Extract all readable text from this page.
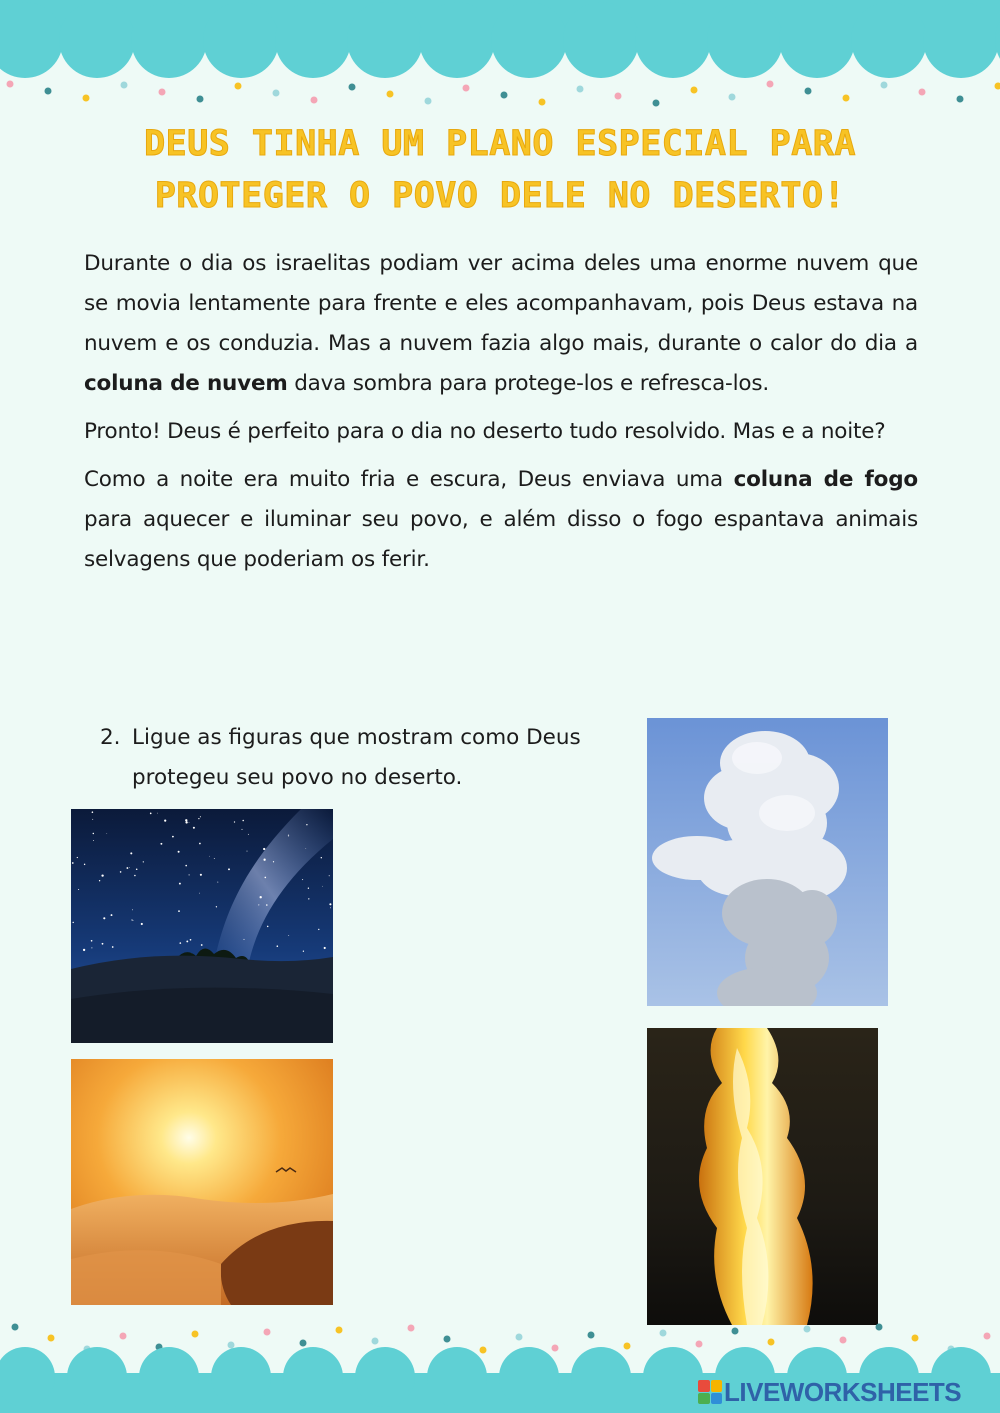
DEUS TINHA UM PLANO ESPECIAL PARA
PROTEGER O POVO DELE NO DESERTO!

Durante o dia os israelitas podiam ver acima deles uma enorme nuvem que se movia lentamente para frente e eles acompanhavam, pois Deus estava na nuvem e os conduzia. Mas a nuvem fazia algo mais, durante o calor do dia a coluna de nuvem dava sombra para protege-los e refresca-los.

Pronto! Deus é perfeito para o dia no deserto tudo resolvido. Mas e a noite?

Como a noite era muito fria e escura, Deus enviava uma coluna de fogo para aquecer e iluminar seu povo, e além disso o fogo espantava animais selvagens que poderiam os ferir.

2. Ligue as figuras que mostram como Deus protegeu seu povo no deserto.
LIVEWORKSHEETS
